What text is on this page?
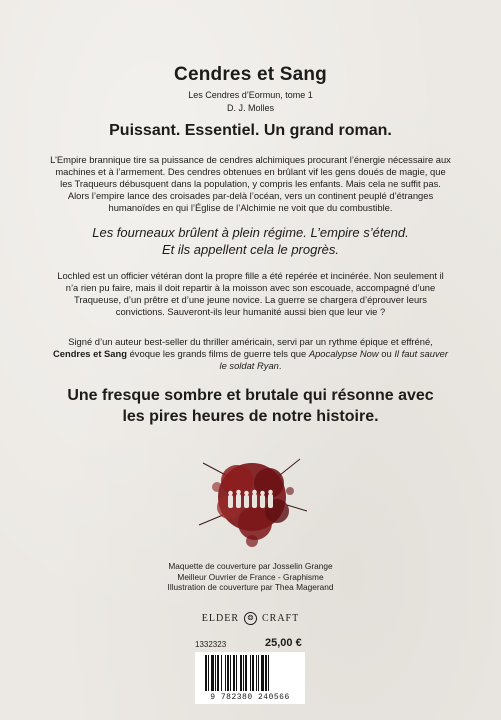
Cendres et Sang
Les Cendres d’Eormun, tome 1
D. J. Molles
Puissant. Essentiel. Un grand roman.
L’Empire brannique tire sa puissance de cendres alchimiques procurant l’énergie nécessaire aux machines et à l’armement. Des cendres obtenues en brûlant vif les gens doués de magie, que les Traqueurs débusquent dans la population, y compris les enfants. Mais cela ne suffit pas. Alors l’empire lance des croisades par-delà l’océan, vers un continent peuplé d’étranges humanoïdes en qui l’Église de l’Alchimie ne voit que du combustible.
Les fourneaux brûlent à plein régime. L’empire s’étend.
Et ils appellent cela le progrès.
Lochled est un officier vétéran dont la propre fille a été repérée et incinérée. Non seulement il n’a rien pu faire, mais il doit repartir à la moisson avec son escouade, accompagné d’une Traqueuse, d’un prêtre et d’une jeune novice. La guerre se chargera d’éprouver leurs convictions. Sauveront-ils leur humanité aussi bien que leur vie ?
Signé d’un auteur best-seller du thriller américain, servi par un rythme épique et effréné, Cendres et Sang évoque les grands films de guerre tels que Apocalypse Now ou Il faut sauver le soldat Ryan.
Une fresque sombre et brutale qui résonne avec
les pires heures de notre histoire.
Maquette de couverture par Josselin Grange
Meilleur Ouvrier de France - Graphisme
Illustration de couverture par Thea Magerand
ELDER ❂ CRAFT
1332323	25,00 €
9 782380 240566
